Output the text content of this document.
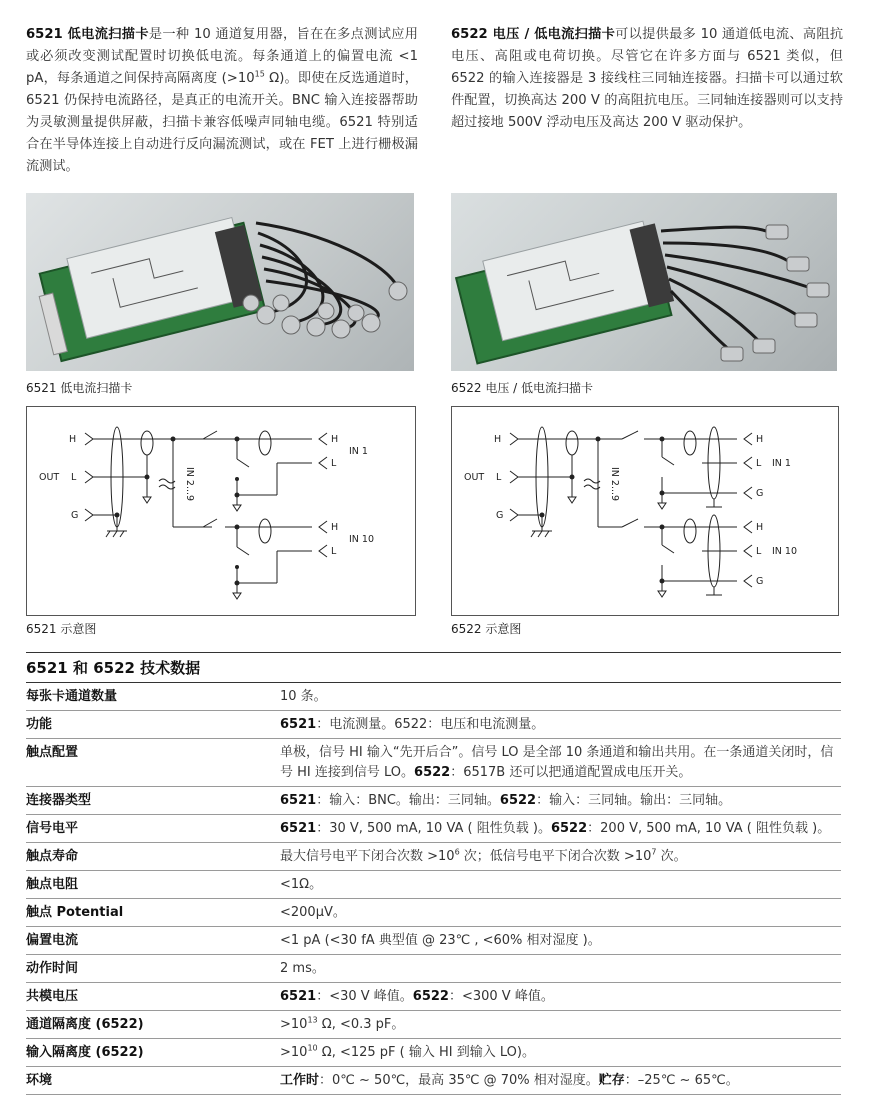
6521 低电流扫描卡是一种 10 通道复用器，旨在在多点测试应用或必须改变测试配置时切换低电流。每条通道上的偏置电流 <1 pA，每条通道之间保持高隔离度 ($>10^{15}$ Ω)。即使在反选通道时，6521 仍保持电流路径，是真正的电流开关。BNC 输入连接器帮助为灵敏测量提供屏蔽，扫描卡兼容低噪声同轴电缆。6521 特别适合在半导体连接上自动进行反向漏流测试，或在 FET 上进行栅极漏流测试。
6522 电压 / 低电流扫描卡可以提供最多 10 通道低电流、高阻抗电压、高阻或电荷切换。尽管它在许多方面与 6521 类似，但 6522 的输入连接器是 3 接线柱三同轴连接器。扫描卡可以通过软件配置，切换高达 200 V 的高阻抗电压。三同轴连接器则可以支持超过接地 500V 浮动电压及高达 200 V 驱动保护。
6521 低电流扫描卡	6522 电压 / 低电流扫描卡
H
OUT L
G
H
L
IN 1
H
L
IN 10
IN 2...9
H
OUT L
G
H
L IN 1
G
H
L IN 10
G
IN 2...9
6521 示意图	6522 示意图
6521 和 6522 技术数据
每张卡通道数量	10 条。
功能	6521：电流测量。6522：电压和电流测量。
触点配置	单极，信号 HI 输入“先开后合”。信号 LO 是全部 10 条通道和输出共用。在一条通道关闭时，信号 HI 连接到信号 LO。6522：6517B 还可以把通道配置成电压开关。
连接器类型	6521：输入：BNC。输出：三同轴。6522：输入：三同轴。输出：三同轴。
信号电平	6521：30 V, 500 mA, 10 VA ( 阻性负载 )。6522：200 V, 500 mA, 10 VA ( 阻性负载 )。
触点寿命	最大信号电平下闭合次数 $>10^6$ 次；低信号电平下闭合次数 $>10^7$ 次。
触点电阻	<1Ω。
触点 Potential	<200μV。
偏置电流	<1 pA (<30 fA 典型值 @ 23℃ , <60% 相对湿度 )。
动作时间	2 ms。
共模电压	6521：<30 V 峰值。6522：<300 V 峰值。
通道隔离度 (6522)	$>10^{13}$ Ω, <0.3 pF。
输入隔离度 (6522)	$>10^{10}$ Ω, <125 pF ( 输入 HI 到输入 LO)。
环境	工作时：0℃ ~ 50℃，最高 35℃ @ 70% 相对湿度。贮存：–25℃ ~ 65℃。
